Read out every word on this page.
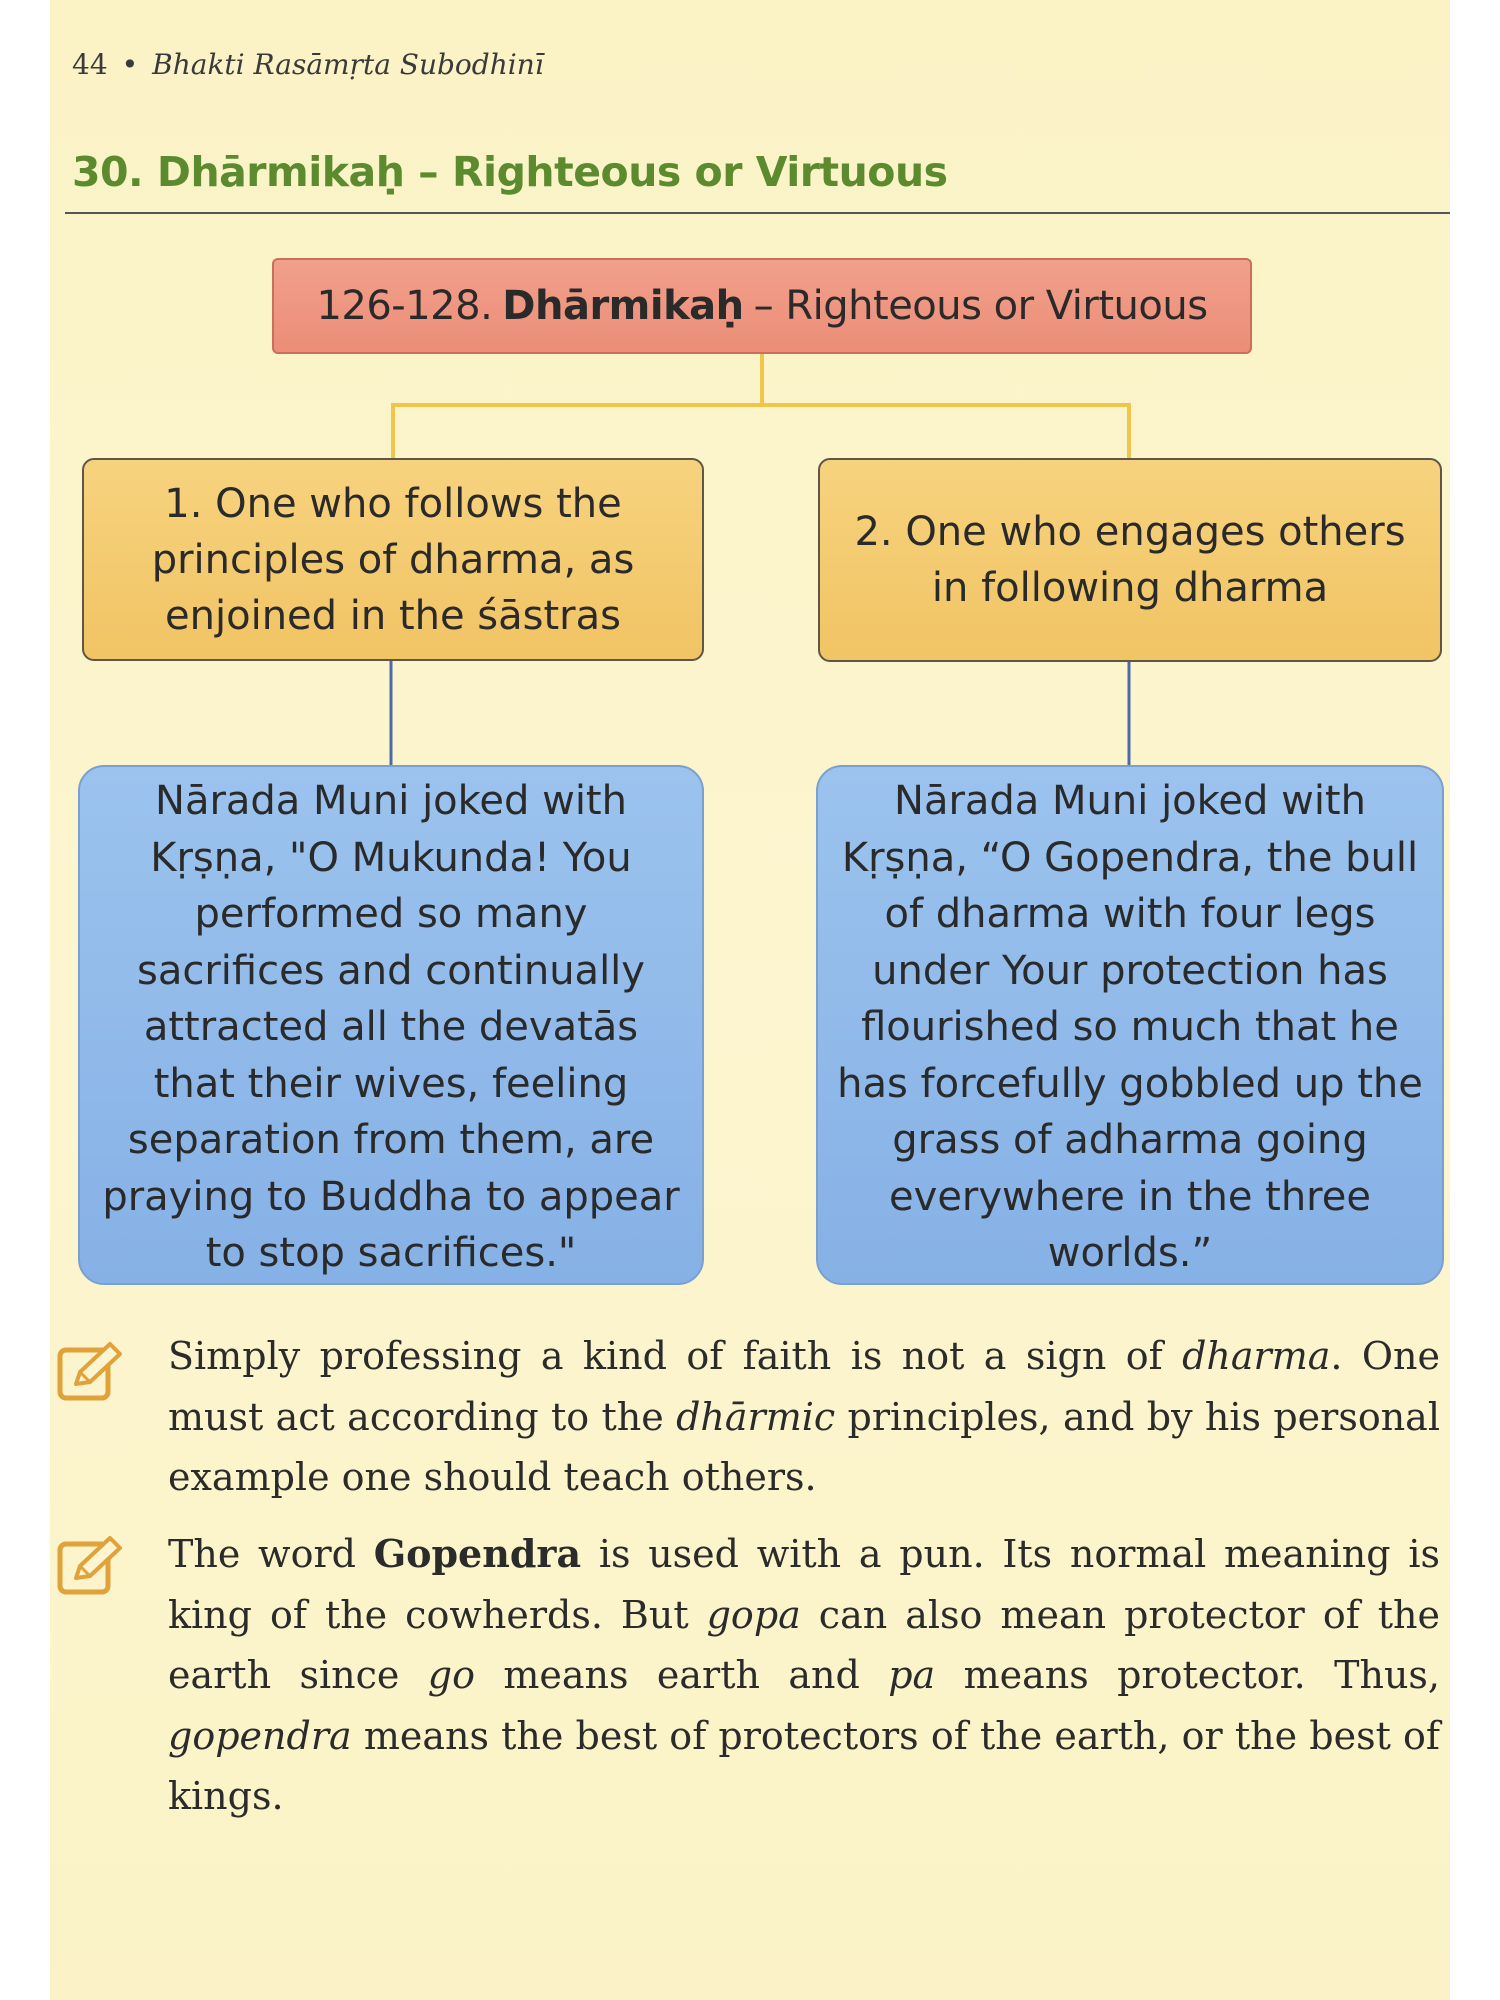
44 • Bhakti Rasāmṛta Subodhinī
30. Dhārmikaḥ – Righteous or Virtuous
126-128. Dhārmikaḥ – Righteous or Virtuous
1. One who follows the principles of dharma, as enjoined in the śāstras
2. One who engages others in following dharma
Nārada Muni joked with Kṛṣṇa, "O Mukunda! You performed so many sacrifices and continually attracted all the devatās that their wives, feeling separation from them, are praying to Buddha to appear to stop sacrifices."
Nārada Muni joked with Kṛṣṇa, “O Gopendra, the bull of dharma with four legs under Your protection has flourished so much that he has forcefully gobbled up the grass of adharma going everywhere in the three worlds.”
Simply professing a kind of faith is not a sign of dharma. One must act according to the dhārmic principles, and by his personal example one should teach others.
The word Gopendra is used with a pun. Its normal meaning is king of the cowherds. But gopa can also mean protector of the earth since go means earth and pa means protector. Thus, gopendra means the best of protectors of the earth, or the best of kings.
